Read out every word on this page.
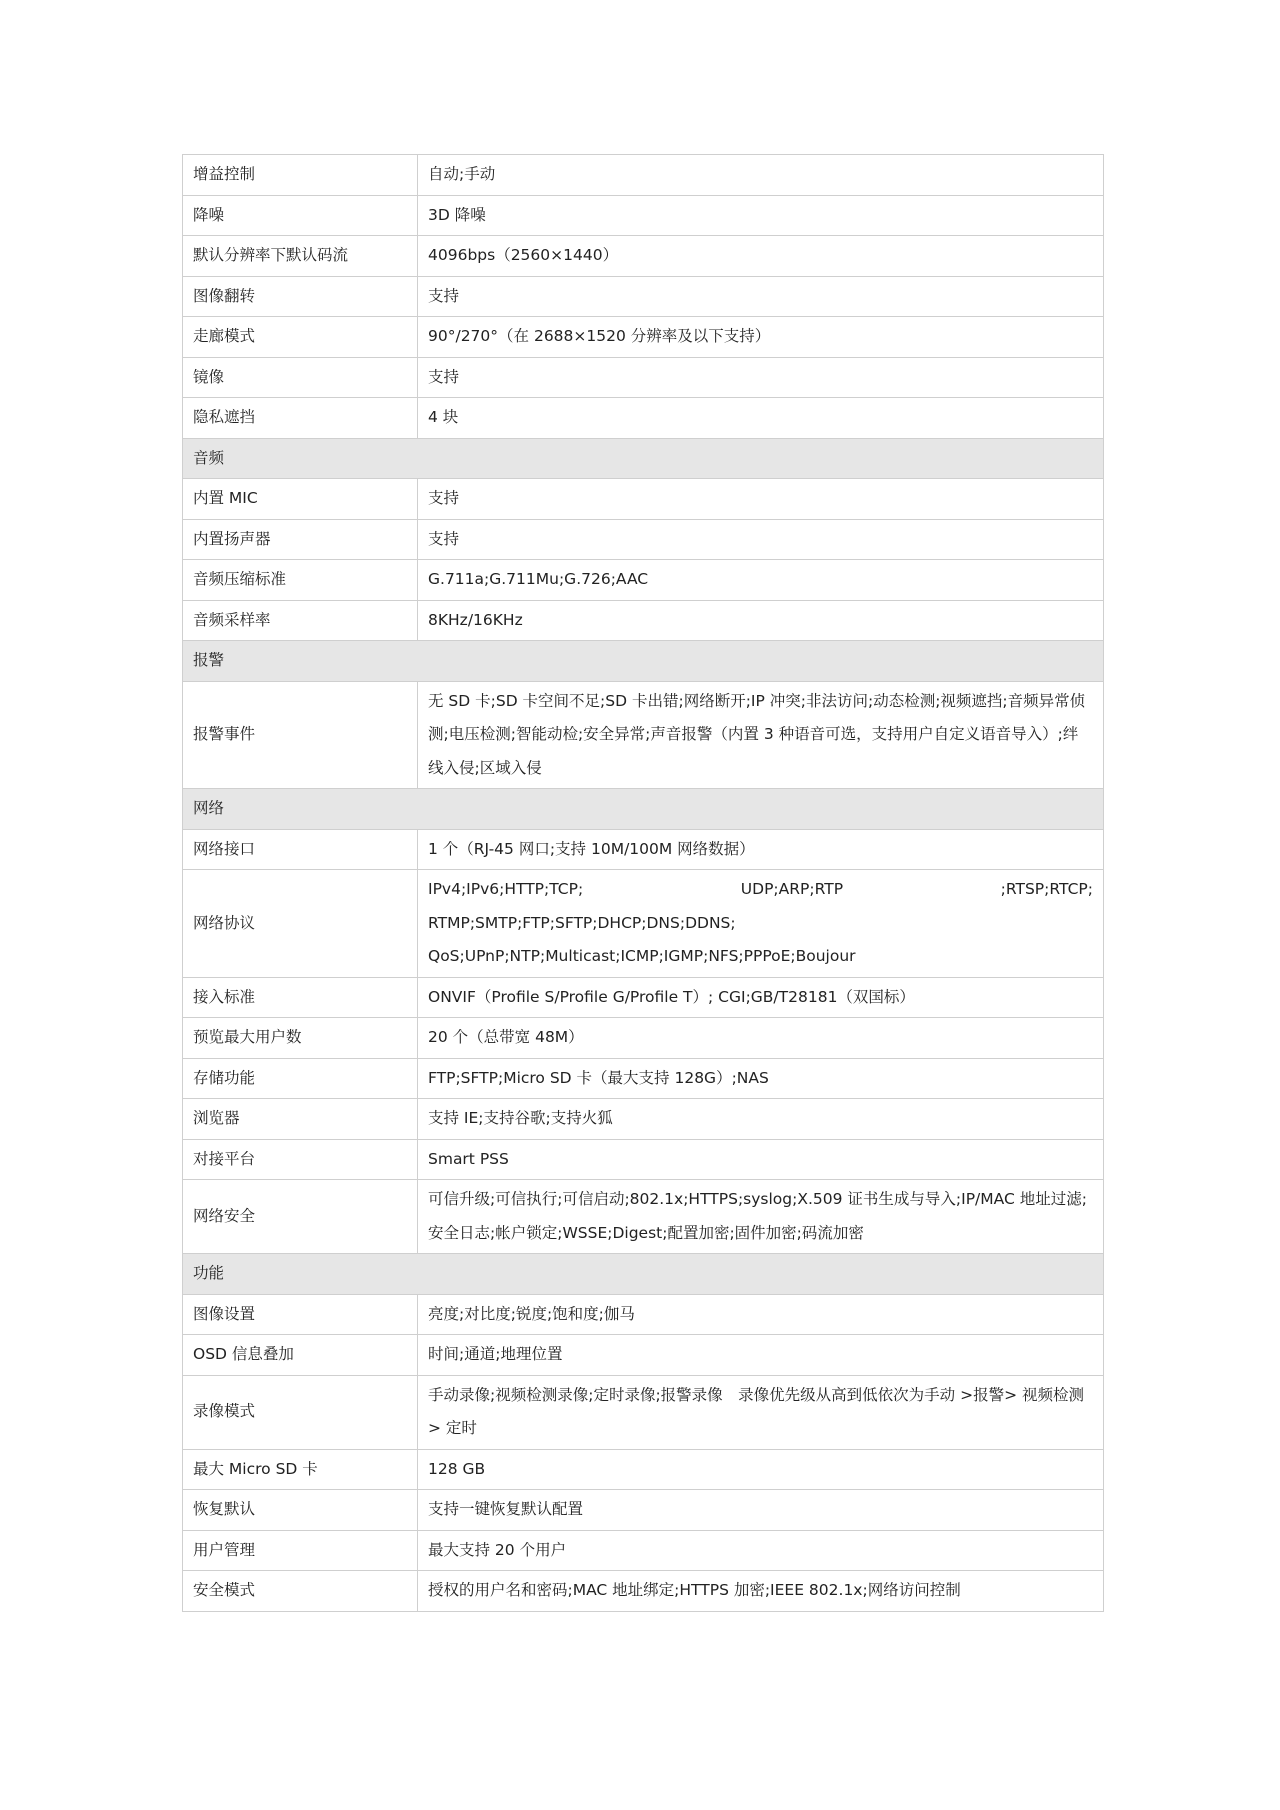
增益控制	自动;手动
降噪	3D 降噪
默认分辨率下默认码流	4096bps（2560×1440）
图像翻转	支持
走廊模式	90°/270°（在 2688×1520 分辨率及以下支持）
镜像	支持
隐私遮挡	4 块
音频	
内置 MIC	支持
内置扬声器	支持
音频压缩标准	G.711a;G.711Mu;G.726;AAC
音频采样率	8KHz/16KHz
报警	
报警事件	无 SD 卡;SD 卡空间不足;SD 卡出错;网络断开;IP 冲突;非法访问;动态检测;视频遮挡;音频异常侦测;电压检测;智能动检;安全异常;声音报警（内置 3 种语音可选，支持用户自定义语音导入）;绊线入侵;区域入侵
网络	
网络接口	1 个（RJ-45 网口;支持 10M/100M 网络数据）
网络协议	IPv4;IPv6;HTTP;TCP; UDP;ARP;RTP ;RTSP;RTCP;
RTMP;SMTP;FTP;SFTP;DHCP;DNS;DDNS;
QoS;UPnP;NTP;Multicast;ICMP;IGMP;NFS;PPPoE;Boujour

接入标准	ONVIF（Profile S/Profile G/Profile T）; CGI;GB/T28181（双国标）
预览最大用户数	20 个（总带宽 48M）
存储功能	FTP;SFTP;Micro SD 卡（最大支持 128G）;NAS
浏览器	支持 IE;支持谷歌;支持火狐
对接平台	Smart PSS
网络安全	可信升级;可信执行;可信启动;802.1x;HTTPS;syslog;X.509 证书生成与导入;IP/MAC 地址过滤;安全日志;帐户锁定;WSSE;Digest;配置加密;固件加密;码流加密
功能	
图像设置	亮度;对比度;锐度;饱和度;伽马
OSD 信息叠加	时间;通道;地理位置
录像模式	手动录像;视频检测录像;定时录像;报警录像　录像优先级从高到低依次为手动 >报警> 视频检测 > 定时
最大 Micro SD 卡	128 GB
恢复默认	支持一键恢复默认配置
用户管理	最大支持 20 个用户
安全模式	授权的用户名和密码;MAC 地址绑定;HTTPS 加密;IEEE 802.1x;网络访问控制
